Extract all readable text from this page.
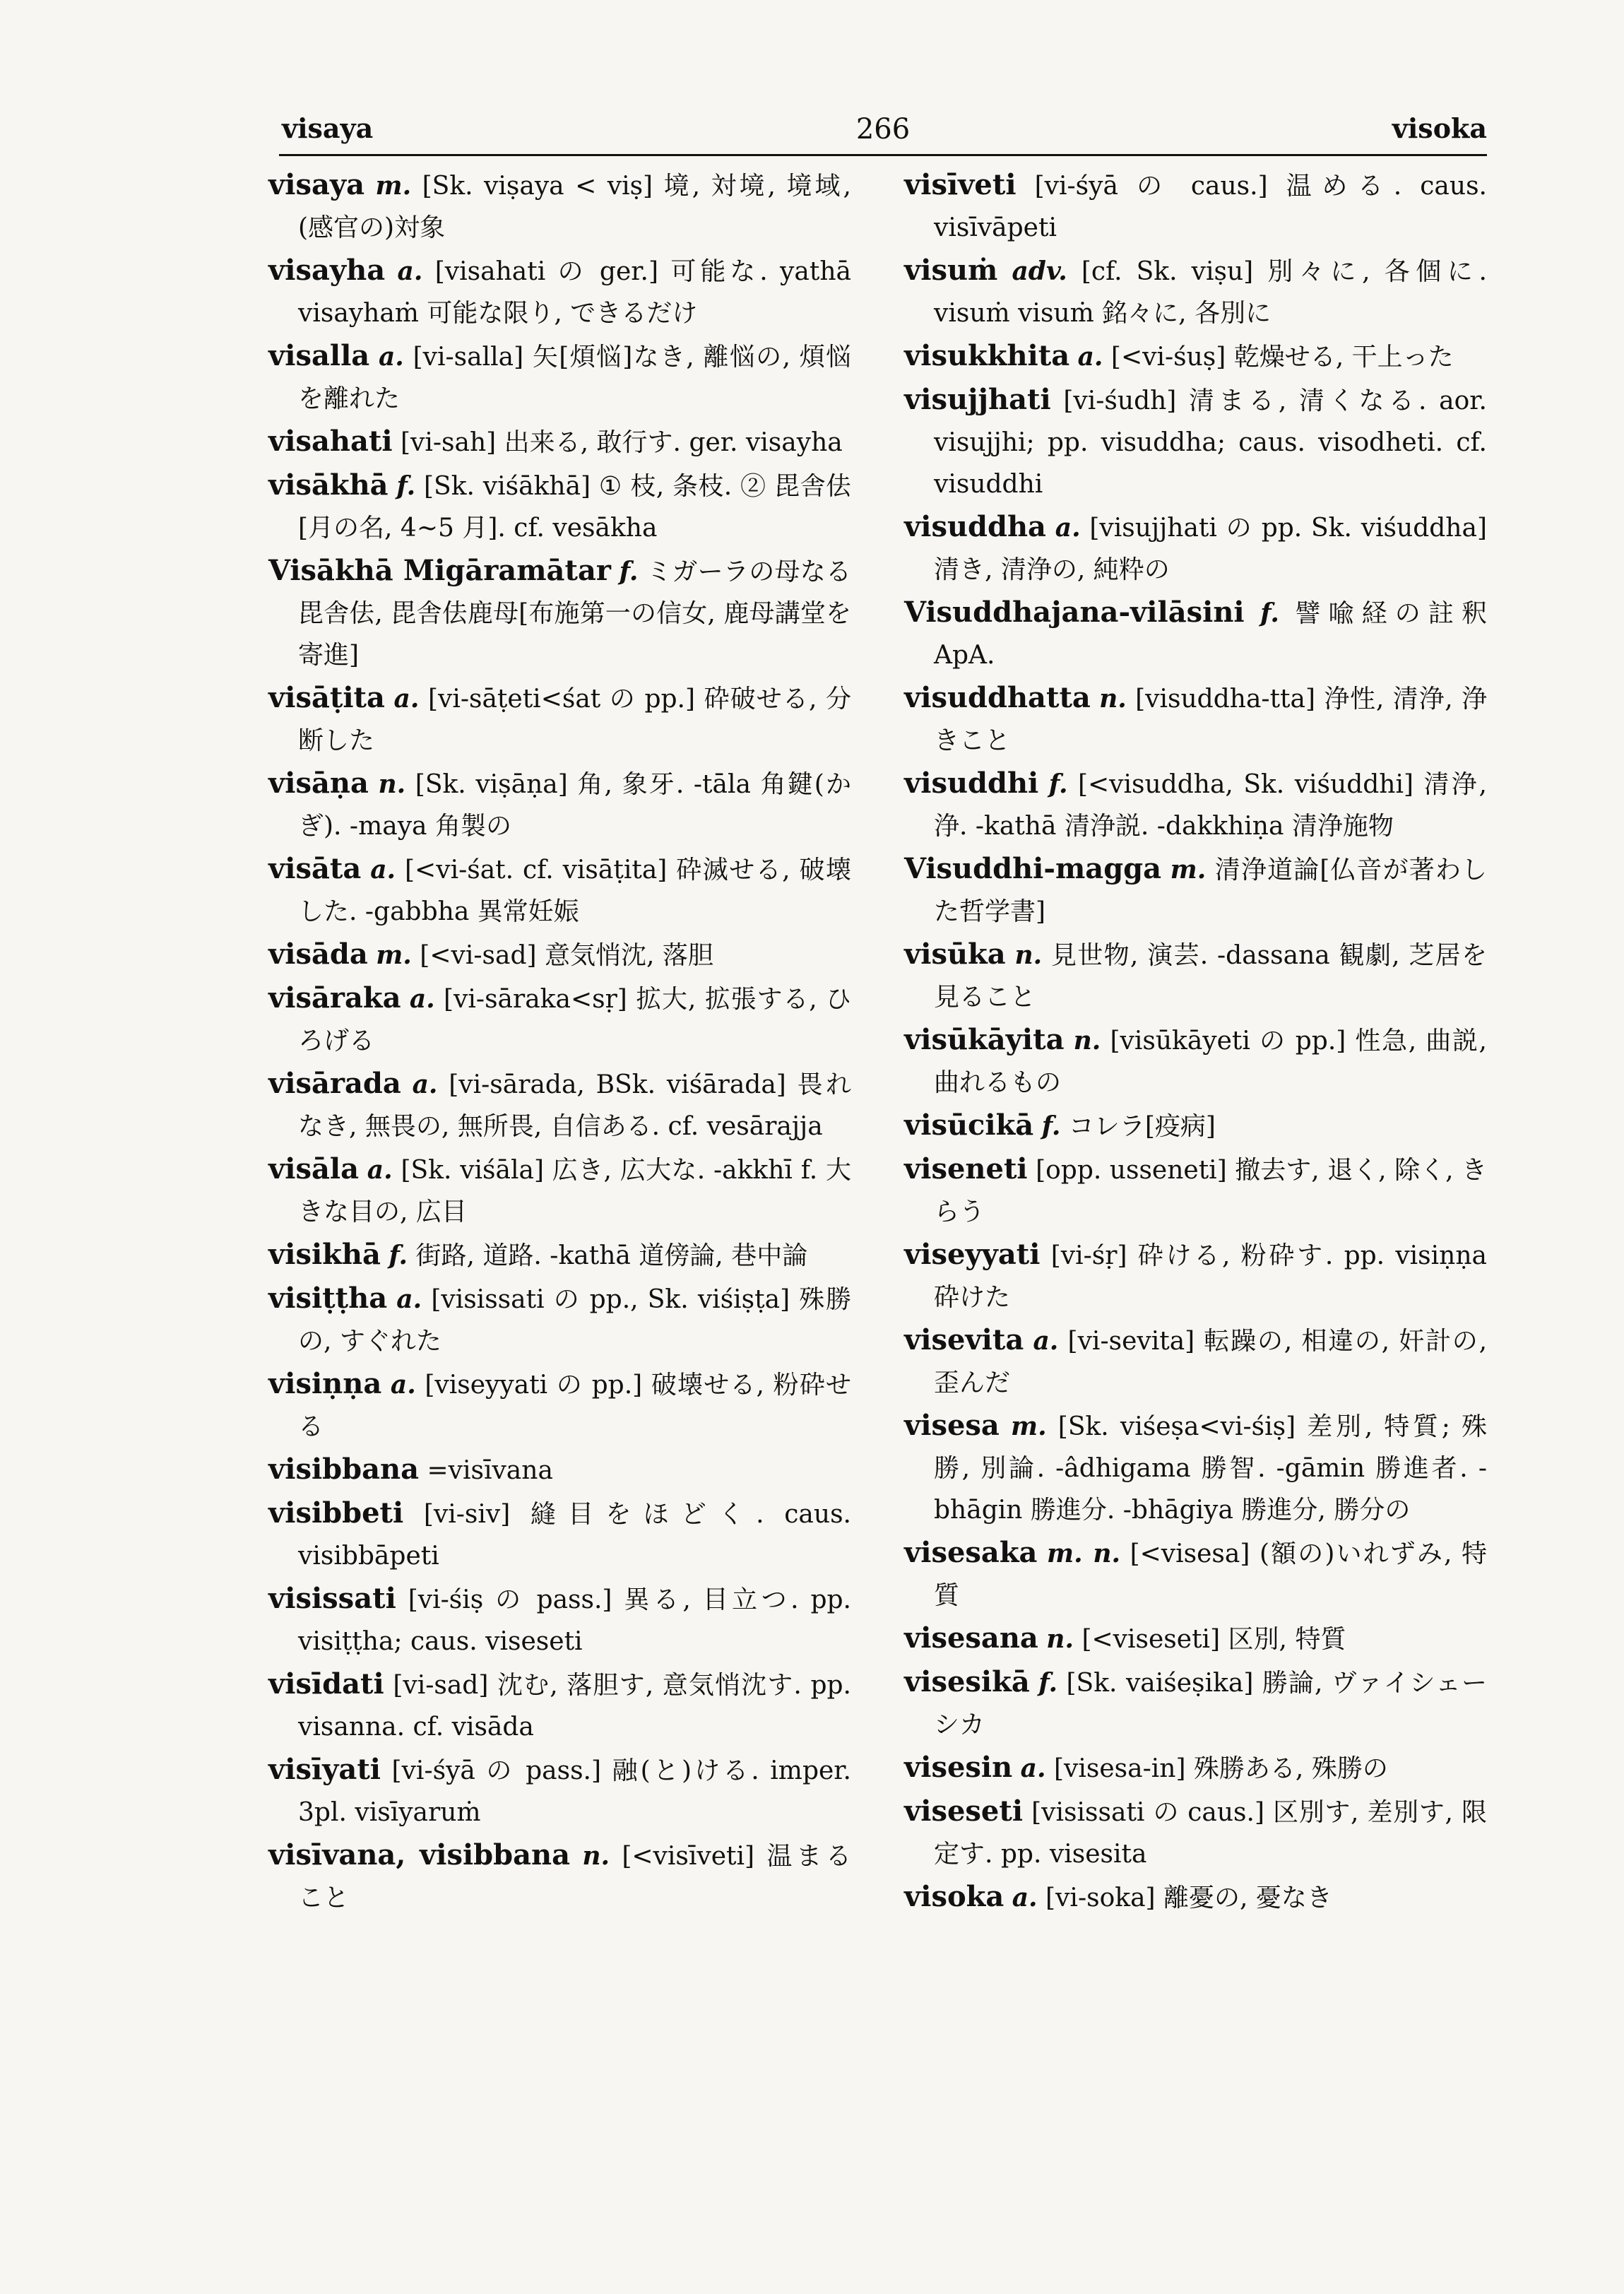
visaya	266	visoka
visaya m. [Sk. viṣaya < viṣ] 境, 対境, 境域, (感官の)対象
visayha a. [visahati の ger.] 可能な. yathā visayhaṁ 可能な限り, できるだけ
visalla a. [vi-salla] 矢[煩悩]なき, 離悩の, 煩悩を離れた
visahati [vi-sah] 出来る, 敢行す. ger. visayha
visākhā f. [Sk. viśākhā] ① 枝, 条枝. ② 毘舎佉[月の名, 4~5 月]. cf. vesākha
Visākhā Migāramātar f. ミガーラの母なる毘舎佉, 毘舎佉鹿母[布施第一の信女, 鹿母講堂を寄進]
visāṭita a. [vi-sāṭeti<śat の pp.] 砕破せる, 分断した
visāṇa n. [Sk. viṣāṇa] 角, 象牙. -tāla 角鍵(かぎ). -maya 角製の
visāta a. [<vi-śat. cf. visāṭita] 砕滅せる, 破壊した. -gabbha 異常妊娠
visāda m. [<vi-sad] 意気悄沈, 落胆
visāraka a. [vi-sāraka<sṛ] 拡大, 拡張する, ひろげる
visārada a. [vi-sārada, BSk. viśārada] 畏れなき, 無畏の, 無所畏, 自信ある. cf. vesārajja
visāla a. [Sk. viśāla] 広き, 広大な. -akkhī f. 大きな目の, 広目
visikhā f. 街路, 道路. -kathā 道傍論, 巷中論
visiṭṭha a. [visissati の pp., Sk. viśiṣṭa] 殊勝の, すぐれた
visiṇṇa a. [viseyyati の pp.] 破壊せる, 粉砕せる
visibbana =visīvana
visibbeti [vi-siv] 縫目をほどく. caus. visibbāpeti
visissati [vi-śiṣ の pass.] 異る, 目立つ. pp. visiṭṭha; caus. viseseti
visīdati [vi-sad] 沈む, 落胆す, 意気悄沈す. pp. visanna. cf. visāda
visīyati [vi-śyā の pass.] 融(と)ける. imper. 3pl. visīyaruṁ
visīvana, visibbana n. [<visīveti] 温まること
visīveti [vi-śyā の caus.] 温める. caus. visīvāpeti
visuṁ adv. [cf. Sk. viṣu] 別々に, 各個に. visuṁ visuṁ 銘々に, 各別に
visukkhita a. [<vi-śuṣ] 乾燥せる, 干上った
visujjhati [vi-śudh] 清まる, 清くなる. aor. visujjhi; pp. visuddha; caus. visodheti. cf. visuddhi
visuddha a. [visujjhati の pp. Sk. viśuddha] 清き, 清浄の, 純粋の
Visuddhajana-vilāsini f. 譬喩経の註釈 ApA.
visuddhatta n. [visuddha-tta] 浄性, 清浄, 浄きこと
visuddhi f. [<visuddha, Sk. viśuddhi] 清浄, 浄. -kathā 清浄説. -dakkhiṇa 清浄施物
Visuddhi-magga m. 清浄道論[仏音が著わした哲学書]
visūka n. 見世物, 演芸. -dassana 観劇, 芝居を見ること
visūkāyita n. [visūkāyeti の pp.] 性急, 曲説, 曲れるもの
visūcikā f. コレラ[疫病]
viseneti [opp. usseneti] 撤去す, 退く, 除く, きらう
viseyyati [vi-śṛ] 砕ける, 粉砕す. pp. visiṇṇa 砕けた
visevita a. [vi-sevita] 転躁の, 相違の, 奸計の, 歪んだ
visesa m. [Sk. viśeṣa<vi-śiṣ] 差別, 特質; 殊勝, 別論. -âdhigama 勝智. -gāmin 勝進者. -bhāgin 勝進分. -bhāgiya 勝進分, 勝分の
visesaka m. n. [<visesa] (額の)いれずみ, 特質
visesana n. [<viseseti] 区別, 特質
visesikā f. [Sk. vaiśeṣika] 勝論, ヴァイシェーシカ
visesin a. [visesa-in] 殊勝ある, 殊勝の
viseseti [visissati の caus.] 区別す, 差別す, 限定す. pp. visesita
visoka a. [vi-soka] 離憂の, 憂なき
